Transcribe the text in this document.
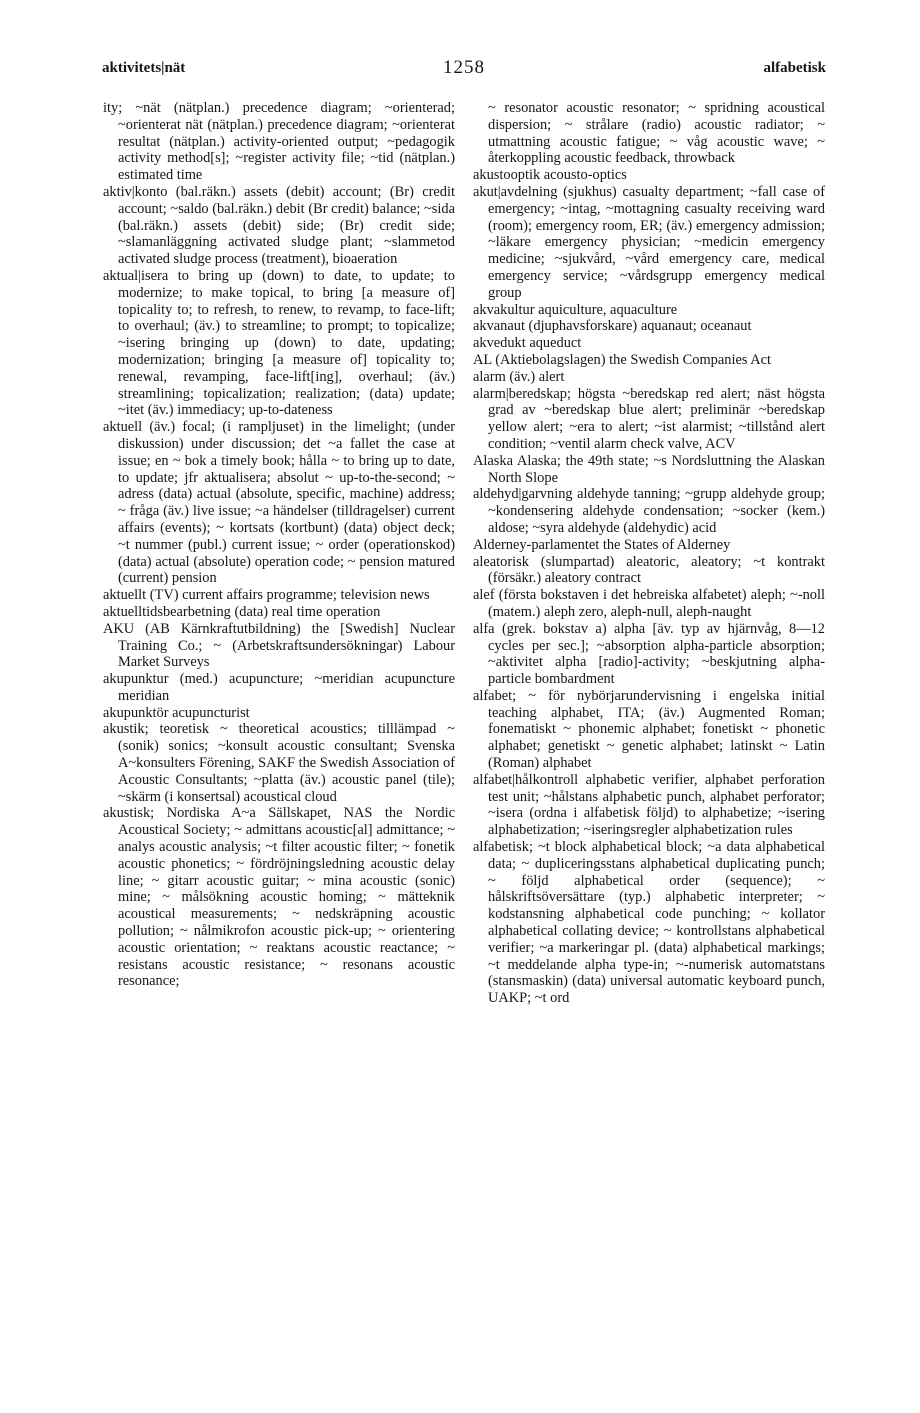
aktivitets|nät	1258	alfabetisk

ity; ~nät (nätplan.) precedence diagram; ~orienterad; ~orienterat nät (nätplan.) precedence diagram; ~orienterat resultat (nätplan.) activity-oriented output; ~pedagogik activity method[s]; ~register activity file; ~tid (nätplan.) estimated time

aktiv|konto (bal.räkn.) assets (debit) account; (Br) credit account; ~saldo (bal.räkn.) debit (Br credit) balance; ~sida (bal.räkn.) assets (debit) side; (Br) credit side; ~slamanläggning activated sludge plant; ~slammetod activated sludge process (treatment), bioaeration

aktual|isera to bring up (down) to date, to update; to modernize; to make topical, to bring [a measure of] topicality to; to refresh, to renew, to revamp, to face-lift; to overhaul; (äv.) to streamline; to prompt; to topicalize; ~isering bringing up (down) to date, updating; modernization; bringing [a measure of] topicality to; renewal, revamping, face-lift[ing], overhaul; (äv.) streamlining; topicalization; realization; (data) update; ~itet (äv.) immediacy; up-to-dateness

aktuell (äv.) focal; (i rampljuset) in the limelight; (under diskussion) under discussion; det ~a fallet the case at issue; en ~ bok a timely book; hålla ~ to bring up to date, to update; jfr aktualisera; absolut ~ up-to-the-second; ~ adress (data) actual (absolute, specific, machine) address; ~ fråga (äv.) live issue; ~a händelser (tilldragelser) current affairs (events); ~ kortsats (kortbunt) (data) object deck; ~t nummer (publ.) current issue; ~ order (operationskod) (data) actual (absolute) operation code; ~ pension matured (current) pension

aktuellt (TV) current affairs programme; television news

aktuelltidsbearbetning (data) real time operation

AKU (AB Kärnkraftutbildning) the [Swedish] Nuclear Training Co.; ~ (Arbetskraftsundersökningar) Labour Market Surveys

akupunktur (med.) acupuncture; ~meridian acupuncture meridian

akupunktör acupuncturist

akustik; teoretisk ~ theoretical acoustics; tilllämpad ~ (sonik) sonics; ~konsult acoustic consultant; Svenska A~konsulters Förening, SAKF the Swedish Association of Acoustic Consultants; ~platta (äv.) acoustic panel (tile); ~skärm (i konsertsal) acoustical cloud

akustisk; Nordiska A~a Sällskapet, NAS the Nordic Acoustical Society; ~ admittans acoustic[al] admittance; ~ analys acoustic analysis; ~t filter acoustic filter; ~ fonetik acoustic phonetics; ~ fördröjningsledning acoustic delay line; ~ gitarr acoustic guitar; ~ mina acoustic (sonic) mine; ~ målsökning acoustic homing; ~ mätteknik acoustical measurements; ~ nedskräpning acoustic pollution; ~ nålmikrofon acoustic pick-up; ~ orientering acoustic orientation; ~ reaktans acoustic reactance; ~ resistans acoustic resistance; ~ resonans acoustic resonance;

~ resonator acoustic resonator; ~ spridning acoustical dispersion; ~ strålare (radio) acoustic radiator; ~ utmattning acoustic fatigue; ~ våg acoustic wave; ~ återkoppling acoustic feedback, throwback

akustooptik acousto-optics

akut|avdelning (sjukhus) casualty department; ~fall case of emergency; ~intag, ~mottagning casualty receiving ward (room); emergency room, ER; (äv.) emergency admission; ~läkare emergency physician; ~medicin emergency medicine; ~sjukvård, ~vård emergency care, medical emergency service; ~vårdsgrupp emergency medical group

akvakultur aquiculture, aquaculture

akvanaut (djuphavsforskare) aquanaut; oceanaut

akvedukt aqueduct

AL (Aktiebolagslagen) the Swedish Companies Act

alarm (äv.) alert

alarm|beredskap; högsta ~beredskap red alert; näst högsta grad av ~beredskap blue alert; preliminär ~beredskap yellow alert; ~era to alert; ~ist alarmist; ~tillstånd alert condition; ~ventil alarm check valve, ACV

Alaska Alaska; the 49th state; ~s Nordsluttning the Alaskan North Slope

aldehyd|garvning aldehyde tanning; ~grupp aldehyde group; ~kondensering aldehyde condensation; ~socker (kem.) aldose; ~syra aldehyde (aldehydic) acid

Alderney-parlamentet the States of Alderney

aleatorisk (slumpartad) aleatoric, aleatory; ~t kontrakt (försäkr.) aleatory contract

alef (första bokstaven i det hebreiska alfabetet) aleph; ~-noll (matem.) aleph zero, aleph-null, aleph-naught

alfa (grek. bokstav a) alpha [äv. typ av hjärnvåg, 8—12 cycles per sec.]; ~absorption alpha-particle absorption; ~aktivitet alpha [radio]-activity; ~beskjutning alpha-particle bombardment

alfabet; ~ för nybörjarundervisning i engelska initial teaching alphabet, ITA; (äv.) Augmented Roman; fonematiskt ~ phonemic alphabet; fonetiskt ~ phonetic alphabet; genetiskt ~ genetic alphabet; latinskt ~ Latin (Roman) alphabet

alfabet|hålkontroll alphabetic verifier, alphabet perforation test unit; ~hålstans alphabetic punch, alphabet perforator; ~isera (ordna i alfabetisk följd) to alphabetize; ~isering alphabetization; ~iseringsregler alphabetization rules

alfabetisk; ~t block alphabetical block; ~a data alphabetical data; ~ dupliceringsstans alphabetical duplicating punch; ~ följd alphabetical order (sequence); ~ hålskriftsöversättare (typ.) alphabetic interpreter; ~ kodstansning alphabetical code punching; ~ kollator alphabetical collating device; ~ kontrollstans alphabetical verifier; ~a markeringar pl. (data) alphabetical markings; ~t meddelande alpha type-in; ~-numerisk automatstans (stansmaskin) (data) universal automatic keyboard punch, UAKP; ~t ord
